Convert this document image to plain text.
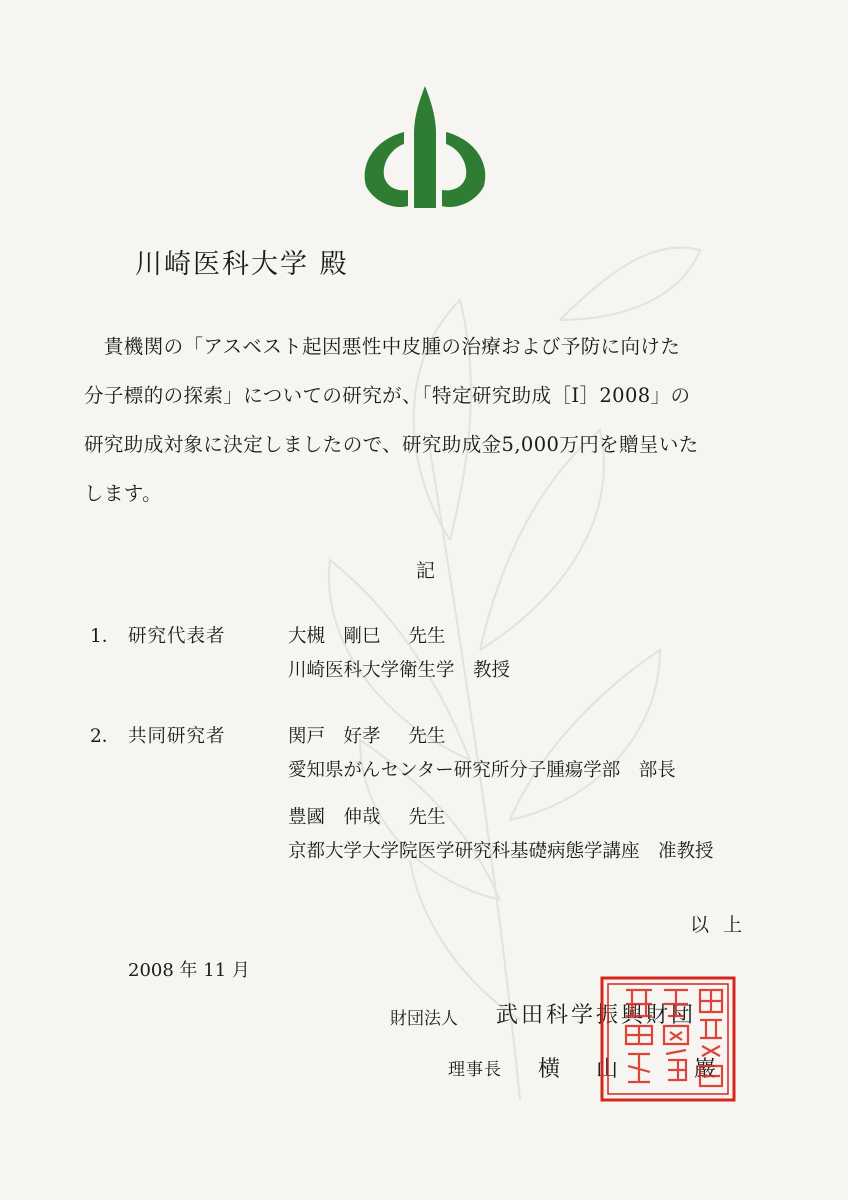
川崎医科大学 殿
　貴機関の「アスベスト起因悪性中皮腫の治療および予防に向けた
分子標的の探索」についての研究が、「特定研究助成［Ⅰ］2008」の
研究助成対象に決定しましたので、研究助成金5,000万円を贈呈いた
します。
記
1． 研究代表者	大槻　剛巳 先生
川崎医科大学衛生学　教授
2． 共同研究者	関戸　好孝 先生
愛知県がんセンター研究所分子腫瘍学部　部長
豊國　伸哉 先生
京都大学大学院医学研究科基礎病態学講座　准教授
以上
2008 年 11 月
財団法人 武田科学振興財団
理事長 横 山	巖
